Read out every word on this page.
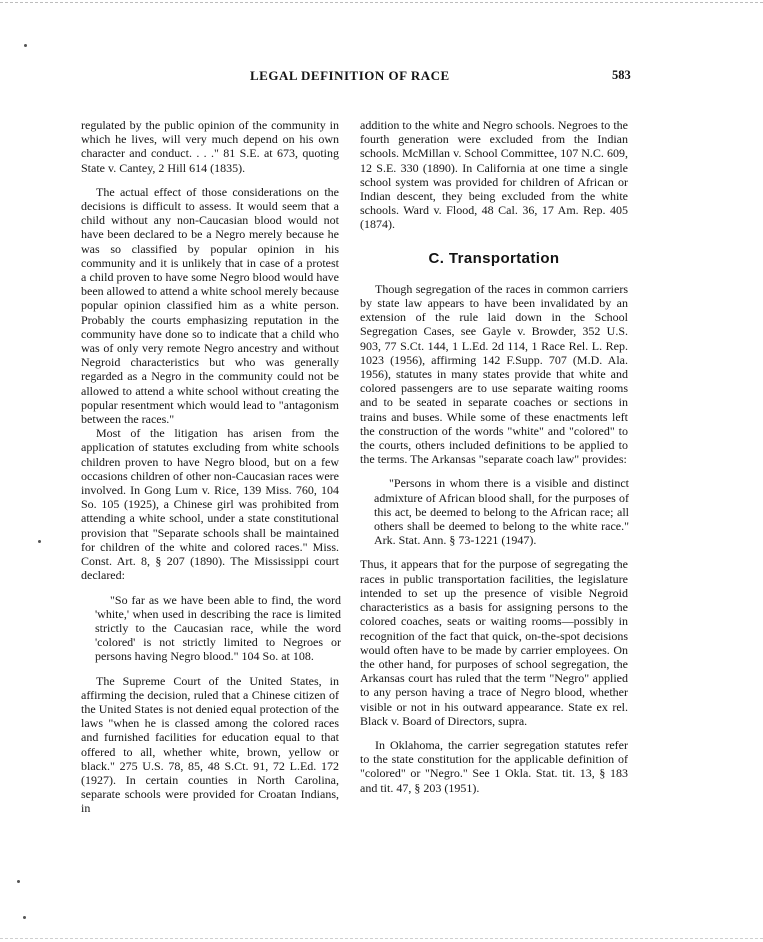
LEGAL DEFINITION OF RACE	583

regulated by the public opinion of the community in which he lives, will very much depend on his own character and conduct. . . ." 81 S.E. at 673, quoting State v. Cantey, 2 Hill 614 (1835).

The actual effect of those considerations on the decisions is difficult to assess. It would seem that a child without any non-Caucasian blood would not have been declared to be a Negro merely because he was so classified by popular opinion in his community and it is unlikely that in case of a protest a child proven to have some Negro blood would have been allowed to attend a white school merely because popular opinion classified him as a white person. Probably the courts emphasizing reputation in the community have done so to indicate that a child who was of only very remote Negro ancestry and without Negroid characteristics but who was generally regarded as a Negro in the community could not be allowed to attend a white school without creating the popular resentment which would lead to "antagonism between the races."

Most of the litigation has arisen from the application of statutes excluding from white schools children proven to have Negro blood, but on a few occasions children of other non-Caucasian races were involved. In Gong Lum v. Rice, 139 Miss. 760, 104 So. 105 (1925), a Chinese girl was prohibited from attending a white school, under a state constitutional provision that "Separate schools shall be maintained for children of the white and colored races." Miss. Const. Art. 8, § 207 (1890). The Mississippi court declared:

"So far as we have been able to find, the word 'white,' when used in describing the race is limited strictly to the Caucasian race, while the word 'colored' is not strictly limited to Negroes or persons having Negro blood." 104 So. at 108.

The Supreme Court of the United States, in affirming the decision, ruled that a Chinese citizen of the United States is not denied equal protection of the laws "when he is classed among the colored races and furnished facilities for education equal to that offered to all, whether white, brown, yellow or black." 275 U.S. 78, 85, 48 S.Ct. 91, 72 L.Ed. 172 (1927). In certain counties in North Carolina, separate schools were provided for Croatan Indians, in

addition to the white and Negro schools. Negroes to the fourth generation were excluded from the Indian schools. McMillan v. School Committee, 107 N.C. 609, 12 S.E. 330 (1890). In California at one time a single school system was provided for children of African or Indian descent, they being excluded from the white schools. Ward v. Flood, 48 Cal. 36, 17 Am. Rep. 405 (1874).

C. Transportation

Though segregation of the races in common carriers by state law appears to have been invalidated by an extension of the rule laid down in the School Segregation Cases, see Gayle v. Browder, 352 U.S. 903, 77 S.Ct. 144, 1 L.Ed. 2d 114, 1 Race Rel. L. Rep. 1023 (1956), affirming 142 F.Supp. 707 (M.D. Ala. 1956), statutes in many states provide that white and colored passengers are to use separate waiting rooms and to be seated in separate coaches or sections in trains and buses. While some of these enactments left the construction of the words "white" and "colored" to the courts, others included definitions to be applied to the terms. The Arkansas "separate coach law" provides:

"Persons in whom there is a visible and distinct admixture of African blood shall, for the purposes of this act, be deemed to belong to the African race; all others shall be deemed to belong to the white race." Ark. Stat. Ann. § 73-1221 (1947).

Thus, it appears that for the purpose of segregating the races in public transportation facilities, the legislature intended to set up the presence of visible Negroid characteristics as a basis for assigning persons to the colored coaches, seats or waiting rooms—possibly in recognition of the fact that quick, on-the-spot decisions would often have to be made by carrier employees. On the other hand, for purposes of school segregation, the Arkansas court has ruled that the term "Negro" applied to any person having a trace of Negro blood, whether visible or not in his outward appearance. State ex rel. Black v. Board of Directors, supra.

In Oklahoma, the carrier segregation statutes refer to the state constitution for the applicable definition of "colored" or "Negro." See 1 Okla. Stat. tit. 13, § 183 and tit. 47, § 203 (1951).
